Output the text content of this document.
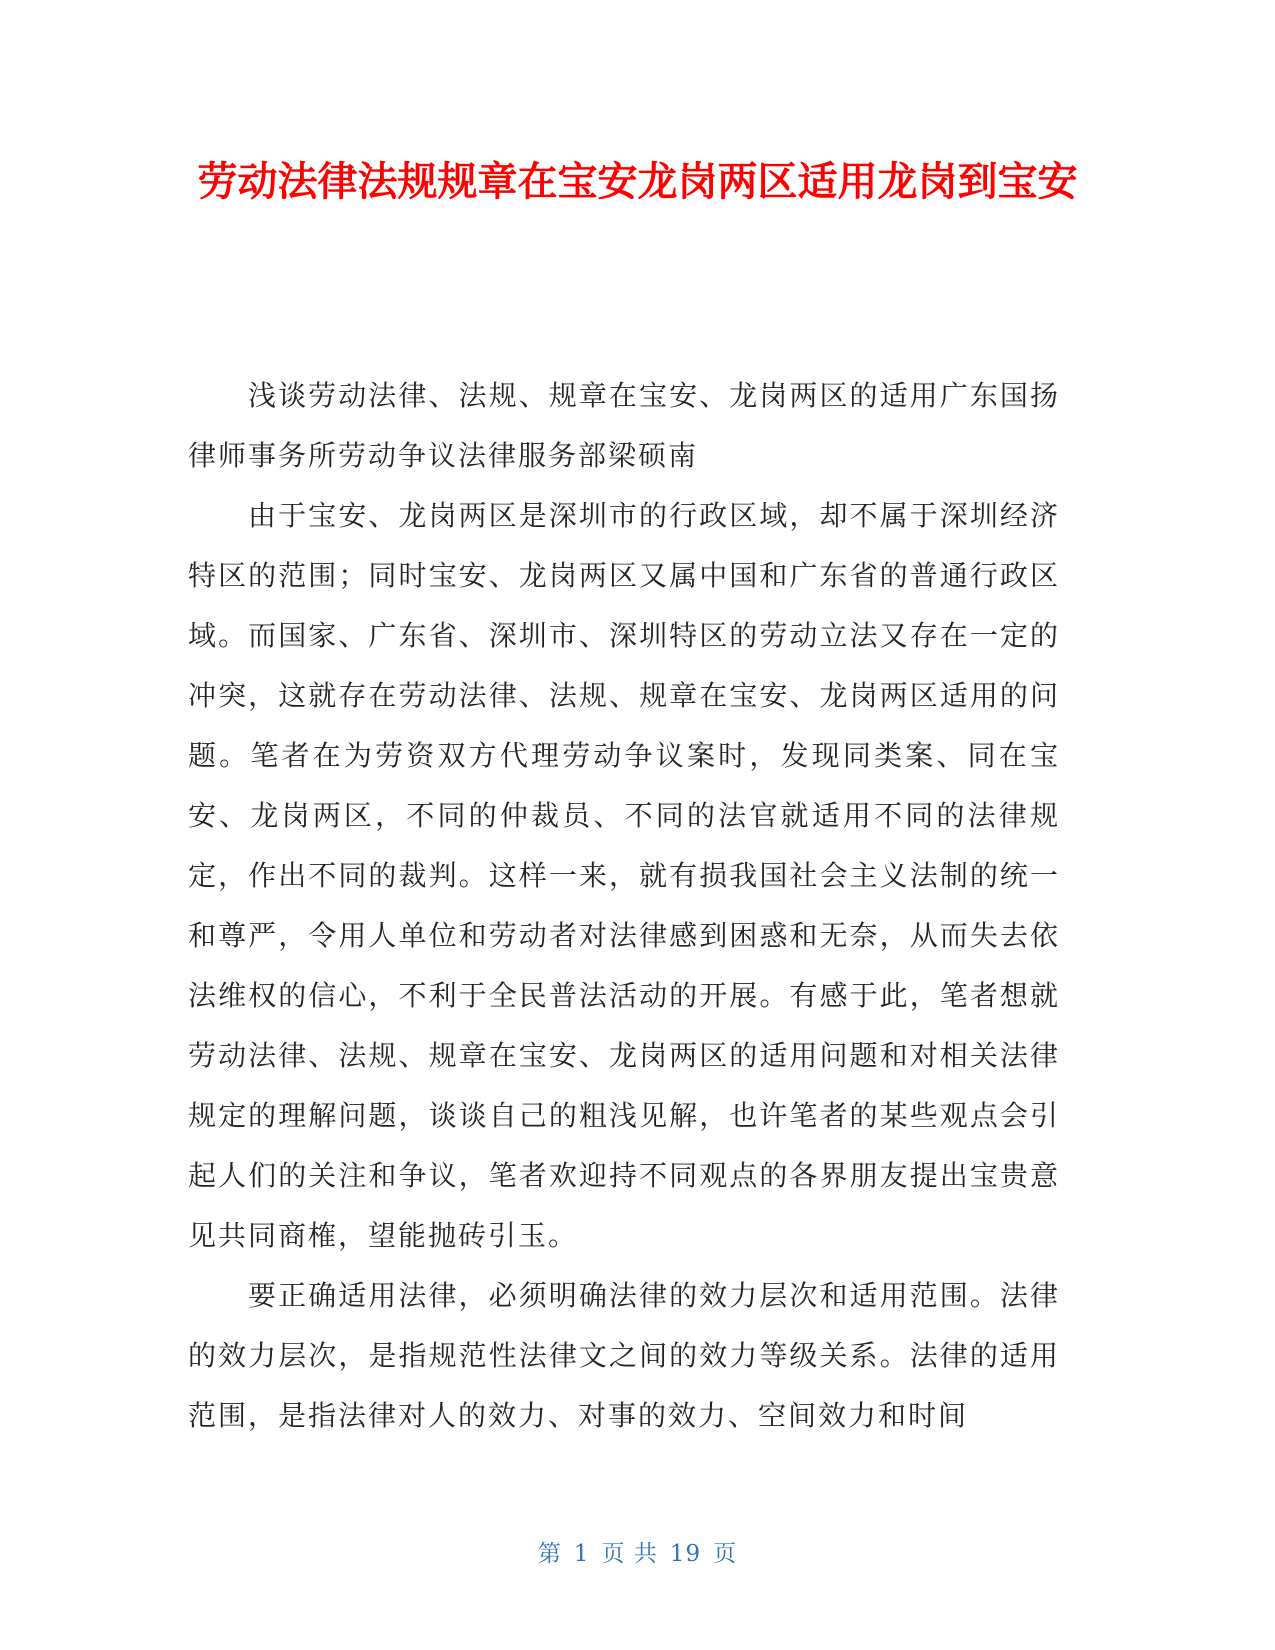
劳动法律法规规章在宝安龙岗两区适用龙岗到宝安

浅谈劳动法律、法规、规章在宝安、龙岗两区的适用广东国扬律师事务所劳动争议法律服务部梁硕南

由于宝安、龙岗两区是深圳市的行政区域，却不属于深圳经济特区的范围；同时宝安、龙岗两区又属中国和广东省的普通行政区域。而国家、广东省、深圳市、深圳特区的劳动立法又存在一定的冲突，这就存在劳动法律、法规、规章在宝安、龙岗两区适用的问题。笔者在为劳资双方代理劳动争议案时，发现同类案、同在宝安、龙岗两区，不同的仲裁员、不同的法官就适用不同的法律规定，作出不同的裁判。这样一来，就有损我国社会主义法制的统一和尊严，令用人单位和劳动者对法律感到困惑和无奈，从而失去依法维权的信心，不利于全民普法活动的开展。有感于此，笔者想就劳动法律、法规、规章在宝安、龙岗两区的适用问题和对相关法律规定的理解问题，谈谈自己的粗浅见解，也许笔者的某些观点会引起人们的关注和争议，笔者欢迎持不同观点的各界朋友提出宝贵意见共同商榷，望能抛砖引玉。

要正确适用法律，必须明确法律的效力层次和适用范围。法律的效力层次，是指规范性法律文之间的效力等级关系。法律的适用范围，是指法律对人的效力、对事的效力、空间效力和时间

第 1 页 共 19 页
